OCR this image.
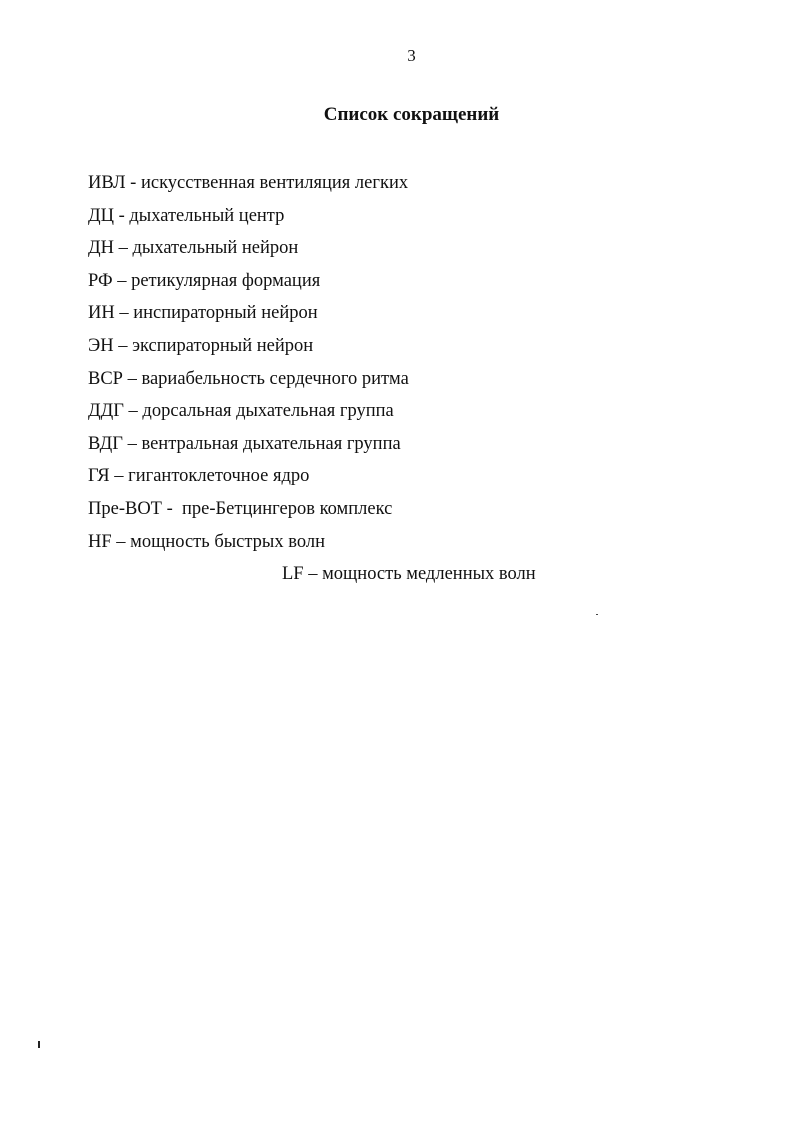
3
Список сокращений
ИВЛ - искусственная вентиляция легких
ДЦ - дыхательный центр
ДН – дыхательный нейрон
РФ – ретикулярная формация
ИН – инспираторный нейрон
ЭН – экспираторный нейрон
ВСР – вариабельность сердечного ритма
ДДГ – дорсальная дыхательная группа
ВДГ – вентральная дыхательная группа
ГЯ – гигантоклеточное ядро
Пре-ВОТ -  пре-Бетцингеров комплекс
HF – мощность быстрых волн
LF – мощность медленных волн
